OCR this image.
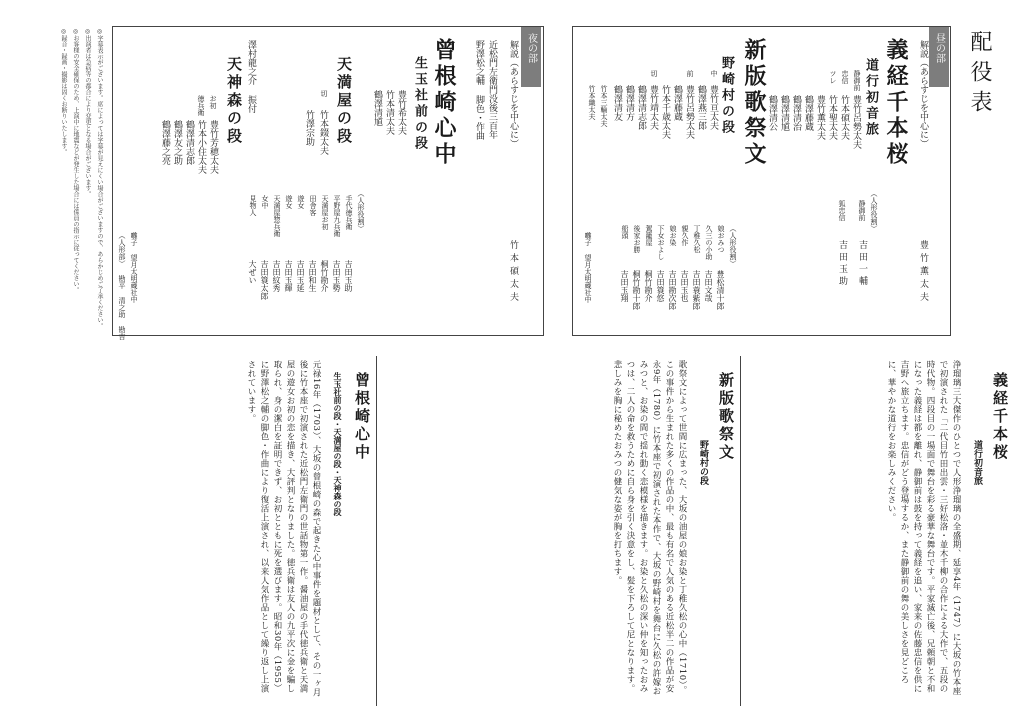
配役表
昼の部
解説（あらすじを中心に）
豊竹薫太夫
義経千本桜
道行初音旅
静御前
忠信
ツレ
豊竹呂勢太夫
竹本碩太夫
竹本聖太夫
豊竹薫太夫
鶴澤藤蔵
鶴澤清治
鶴澤清馗
鶴澤清公
（人形役割）
静御前
吉田一輔
狐忠信
吉田玉助
新版歌祭文
野崎村の段
中
前
切
豊竹亘太夫
鶴澤燕三郎
豊竹呂勢太夫
鶴澤藤蔵
竹本千歳太夫
豊竹靖太夫
鶴澤清志郎
鶴澤清方
鶴澤清友
竹本三輪太夫
竹本織太夫
（人形役割）
娘おみつ
久三の小助
丁稚久松
親久作
娘お染
下女およし
駕籠屋
後家お勝
船頭
豊松清十郎
吉田文哉
吉田蓑紫郎
吉田玉也
吉田勘次郎
吉田簑悠
桐竹勘介
桐竹勘十郎
吉田玉翔
囃子 望月太明蔵社中
夜の部
解説（あらすじを中心に）
竹本碩太夫
近松門左衛門没後三百年
野澤松之輔 脚色・作曲
曾根崎心中
生玉社前の段
豊竹希太夫
竹本清太夫
鶴澤清馗
天満屋の段
切
竹本錣太夫
竹澤宗助
（人形役割）
手代徳兵衛
平野屋九兵衛
天満屋お初
田舎客
遊女
遊女
天満屋惣兵衛
女中
見物人
吉田玉助
吉田玉勢
桐竹勘介
吉田和生
吉田玉延
吉田玉輝
吉田紋秀
吉田簑太郎
大ぜい
澤村龍之介 振付
天神森の段
お初
徳兵衛
豊竹芳穂太夫
竹本小住太夫
鶴澤清志郎
鶴澤友之助
鶴澤藤之亮
囃子 望月太明蔵社中
（人形部） 勘平 清之助 勘吉
◎字幕表示がございます。席によっては字幕が見えにくい場合がございますので、あらかじめご了承ください。
◎出演者は急病等の都合により変更となる場合がございます。
◎お客様の安全確保のため、上演中に地震などが発生した場合には係員の指示に従ってください。
◎録音・録画・撮影は固くお断りいたします。
義経千本桜
道行初音旅
浄瑠璃三大傑作のひとつで人形浄瑠璃の全盛期、延享4年（1747）に大坂の竹本座で初演された「二代目竹田出雲・三好松洛・並木千柳の合作による大作で、五段の時代物。四段目の一場面で舞台を彩る豪華な舞台です。平家滅亡後、兄頼朝と不和になった義経は都を離れ、静御前は鼓を持って義経を追い、家来の佐藤忠信を供に吉野へ旅立ちます。忠信がどう登場するか、また静御前の舞の美しさを見どころに、華やかな道行をお楽しみください。
新版歌祭文
野崎村の段
歌祭文によって世間に広まった、大坂の油屋の娘お染と丁稚久松の心中（1710）。この事件から生まれた多くの作品の中、最も有名で人気のある近松半二の作品が安永9年（1780）に竹本座で初演された本作で、大坂の野崎村を舞台に久松の許嫁おみつと、お染の間で揺れ動く恋模様を描きます。お染と久松の深い仲を知ったおみつは、二人の命を救うために自ら身を引く決意をし、髪を下ろして尼となります。悲しみを胸に秘めたおみつの健気な姿が胸を打ちます。
曾根崎心中
生玉社前の段・天満屋の段・天神森の段
元禄16年（1703）、大坂の曾根崎の森で起きた心中事件を題材として、その一ヶ月後に竹本座で初演された近松門左衛門の世話物第一作。醤油屋の手代徳兵衛と天満屋の遊女お初の恋を描き、大評判となりました。徳兵衛は友人の九平次に金を騙し取られ、身の潔白を証明できず、お初とともに死を選びます。昭和30年（1955）に野澤松之輔の脚色・作曲により復活上演され、以来人気作品として繰り返し上演されています。
